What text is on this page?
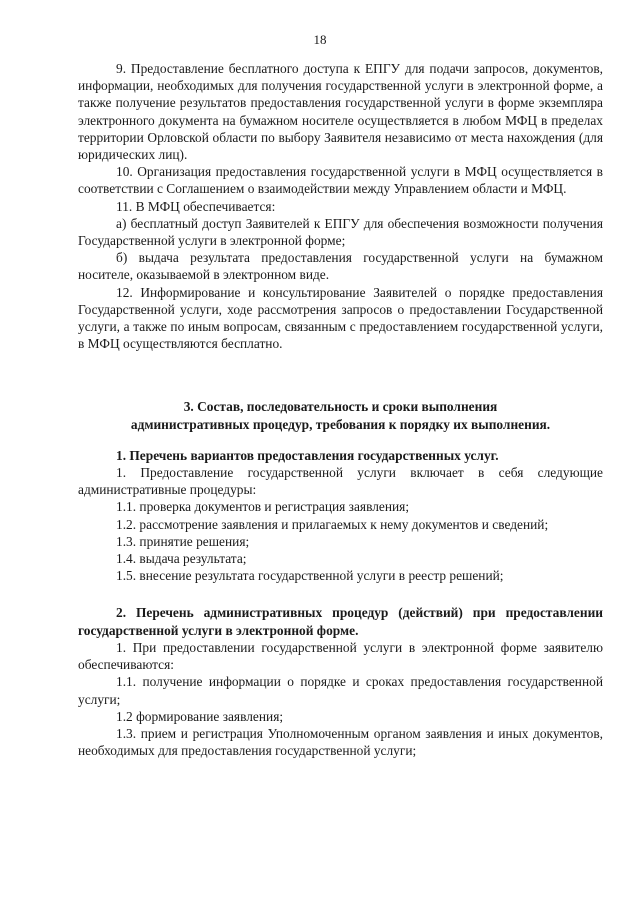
18

9. Предоставление бесплатного доступа к ЕПГУ для подачи запросов, документов, информации, необходимых для получения государственной услуги в электронной форме, а также получение результатов предоставления государственной услуги в форме экземпляра электронного документа на бумажном носителе осуществляется в любом МФЦ в пределах территории Орловской области по выбору Заявителя независимо от места нахождения (для юридических лиц).

10. Организация предоставления государственной услуги в МФЦ осуществляется в соответствии с Соглашением о взаимодействии между Управлением области и МФЦ.

11. В МФЦ обеспечивается:

а) бесплатный доступ Заявителей к ЕПГУ для обеспечения возможности получения Государственной услуги в электронной форме;

б) выдача результата предоставления государственной услуги на бумажном носителе, оказываемой в электронном виде.

12. Информирование и консультирование Заявителей о порядке предоставления Государственной услуги, ходе рассмотрения запросов о предоставлении Государственной услуги, а также по иным вопросам, связанным с предоставлением государственной услуги, в МФЦ осуществляются бесплатно.

3. Состав, последовательность и сроки выполнения

административных процедур, требования к порядку их выполнения.

1. Перечень вариантов предоставления государственных услуг.

1. Предоставление государственной услуги включает в себя следующие административные процедуры:

1.1. проверка документов и регистрация заявления;

1.2. рассмотрение заявления и прилагаемых к нему документов и сведений;

1.3. принятие решения;

1.4. выдача результата;

1.5. внесение результата государственной услуги в реестр решений;

2. Перечень административных процедур (действий) при предоставлении государственной услуги в электронной форме.

1. При предоставлении государственной услуги в электронной форме заявителю обеспечиваются:

1.1. получение информации о порядке и сроках предоставления государственной услуги;

1.2 формирование заявления;

1.3. прием и регистрация Уполномоченным органом заявления и иных документов, необходимых для предоставления государственной услуги;
